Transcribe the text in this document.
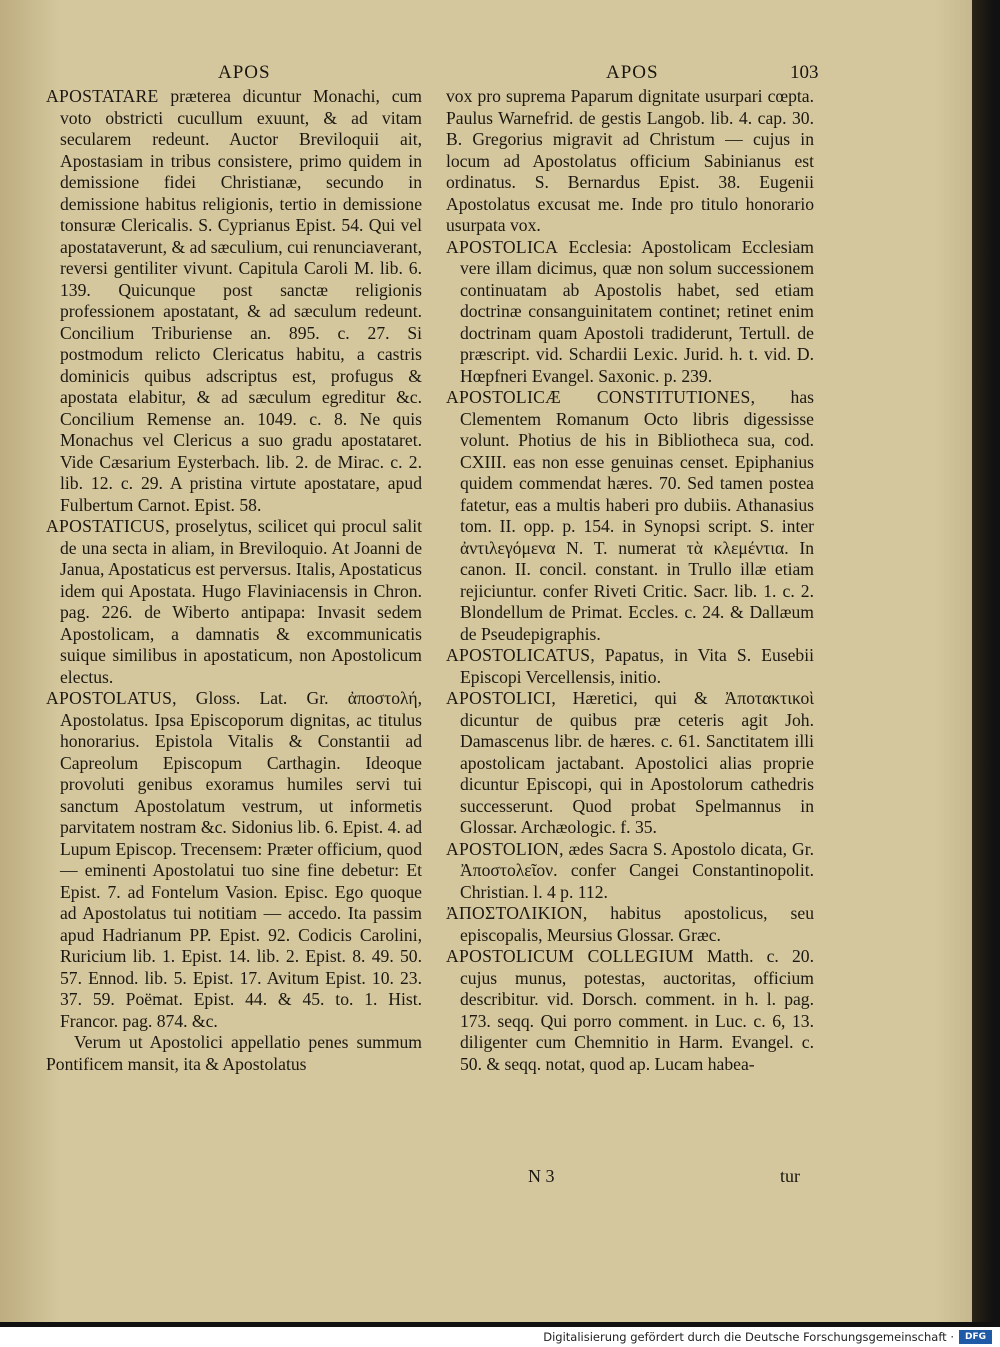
APOS	APOS	103

APOSTATARE præterea dicuntur Monachi, cum voto obstricti cucullum exuunt, & ad vitam secularem redeunt. Auctor Breviloquii ait, Apostasiam in tribus consistere, primo quidem in demissione fidei Christianæ, secundo in demissione habitus religionis, tertio in demissione tonsuræ Clericalis. S. Cyprianus Epist. 54. Qui vel apostataverunt, & ad sæculium, cui renunciaverant, reversi gentiliter vivunt. Capitula Caroli M. lib. 6. 139. Quicunque post sanctæ religionis professionem apostatant, & ad sæculum redeunt. Concilium Triburiense an. 895. c. 27. Si postmodum relicto Clericatus habitu, a castris dominicis quibus adscriptus est, profugus & apostata elabitur, & ad sæculum egreditur &c. Concilium Remense an. 1049. c. 8. Ne quis Monachus vel Clericus a suo gradu apostataret. Vide Cæsarium Eysterbach. lib. 2. de Mirac. c. 2. lib. 12. c. 29. A pristina virtute apostatare, apud Fulbertum Carnot. Epist. 58.

APOSTATICUS, proselytus, scilicet qui procul salit de una secta in aliam, in Breviloquio. At Joanni de Janua, Apostaticus est perversus. Italis, Apostaticus idem qui Apostata. Hugo Flaviniacensis in Chron. pag. 226. de Wiberto antipapa: Invasit sedem Apostolicam, a damnatis & excommunicatis suique similibus in apostaticum, non Apostolicum electus.

APOSTOLATUS, Gloss. Lat. Gr. ἀποστολή, Apostolatus. Ipsa Episcoporum dignitas, ac titulus honorarius. Epistola Vitalis & Constantii ad Capreolum Episcopum Carthagin. Ideoque provoluti genibus exoramus humiles servi tui sanctum Apostolatum vestrum, ut informetis parvitatem nostram &c. Sidonius lib. 6. Epist. 4. ad Lupum Episcop. Trecensem: Præter officium, quod — eminenti Apostolatui tuo sine fine debetur: Et Epist. 7. ad Fontelum Vasion. Episc. Ego quoque ad Apostolatus tui notitiam — accedo. Ita passim apud Hadrianum PP. Epist. 92. Codicis Carolini, Ruricium lib. 1. Epist. 14. lib. 2. Epist. 8. 49. 50. 57. Ennod. lib. 5. Epist. 17. Avitum Epist. 10. 23. 37. 59. Poëmat. Epist. 44. & 45. to. 1. Hist. Francor. pag. 874. &c.

Verum ut Apostolici appellatio penes summum Pontificem mansit, ita & Apostolatus

vox pro suprema Paparum dignitate usurpari cœpta. Paulus Warnefrid. de gestis Langob. lib. 4. cap. 30. B. Gregorius migravit ad Christum — cujus in locum ad Apostolatus officium Sabinianus est ordinatus. S. Bernardus Epist. 38. Eugenii Apostolatus excusat me. Inde pro titulo honorario usurpata vox.

APOSTOLICA Ecclesia: Apostolicam Ecclesiam vere illam dicimus, quæ non solum successionem continuatam ab Apostolis habet, sed etiam doctrinæ consanguinitatem continet; retinet enim doctrinam quam Apostoli tradiderunt, Tertull. de præscript. vid. Schardii Lexic. Jurid. h. t. vid. D. Hœpfneri Evangel. Saxonic. p. 239.

APOSTOLICÆ CONSTITUTIONES, has Clementem Romanum Octo libris digessisse volunt. Photius de his in Bibliotheca sua, cod. CXIII. eas non esse genuinas censet. Epiphanius quidem commendat hæres. 70. Sed tamen postea fatetur, eas a multis haberi pro dubiis. Athanasius tom. II. opp. p. 154. in Synopsi script. S. inter ἀντιλεγόμενα N. T. numerat τὰ κλεμέντια. In canon. II. concil. constant. in Trullo illæ etiam rejiciuntur. confer Riveti Critic. Sacr. lib. 1. c. 2. Blondellum de Primat. Eccles. c. 24. & Dallæum de Pseudepigraphis.

APOSTOLICATUS, Papatus, in Vita S. Eusebii Episcopi Vercellensis, initio.

APOSTOLICI, Hæretici, qui & Ἀποτακτικοὶ dicuntur de quibus præ ceteris agit Joh. Damascenus libr. de hæres. c. 61. Sanctitatem illi apostolicam jactabant. Apostolici alias proprie dicuntur Episcopi, qui in Apostolorum cathedris successerunt. Quod probat Spelmannus in Glossar. Archæologic. f. 35.

APOSTOLION, ædes Sacra S. Apostolo dicata, Gr. Ἀποστολεῖον. confer Cangei Constantinopolit. Christian. l. 4 p. 112.

ἈΠΟΣΤΟΛΙΚΙΟΝ, habitus apostolicus, seu episcopalis, Meursius Glossar. Græc.

APOSTOLICUM COLLEGIUM Matth. c. 20. cujus munus, potestas, auctoritas, officium describitur. vid. Dorsch. comment. in h. l. pag. 173. seqq. Qui porro comment. in Luc. c. 6, 13. diligenter cum Chemnitio in Harm. Evangel. c. 50. & seqq. notat, quod ap. Lucam habea-

N 3	tur
Digitalisierung gefördert durch die Deutsche Forschungsgemeinschaft ·	DFG
